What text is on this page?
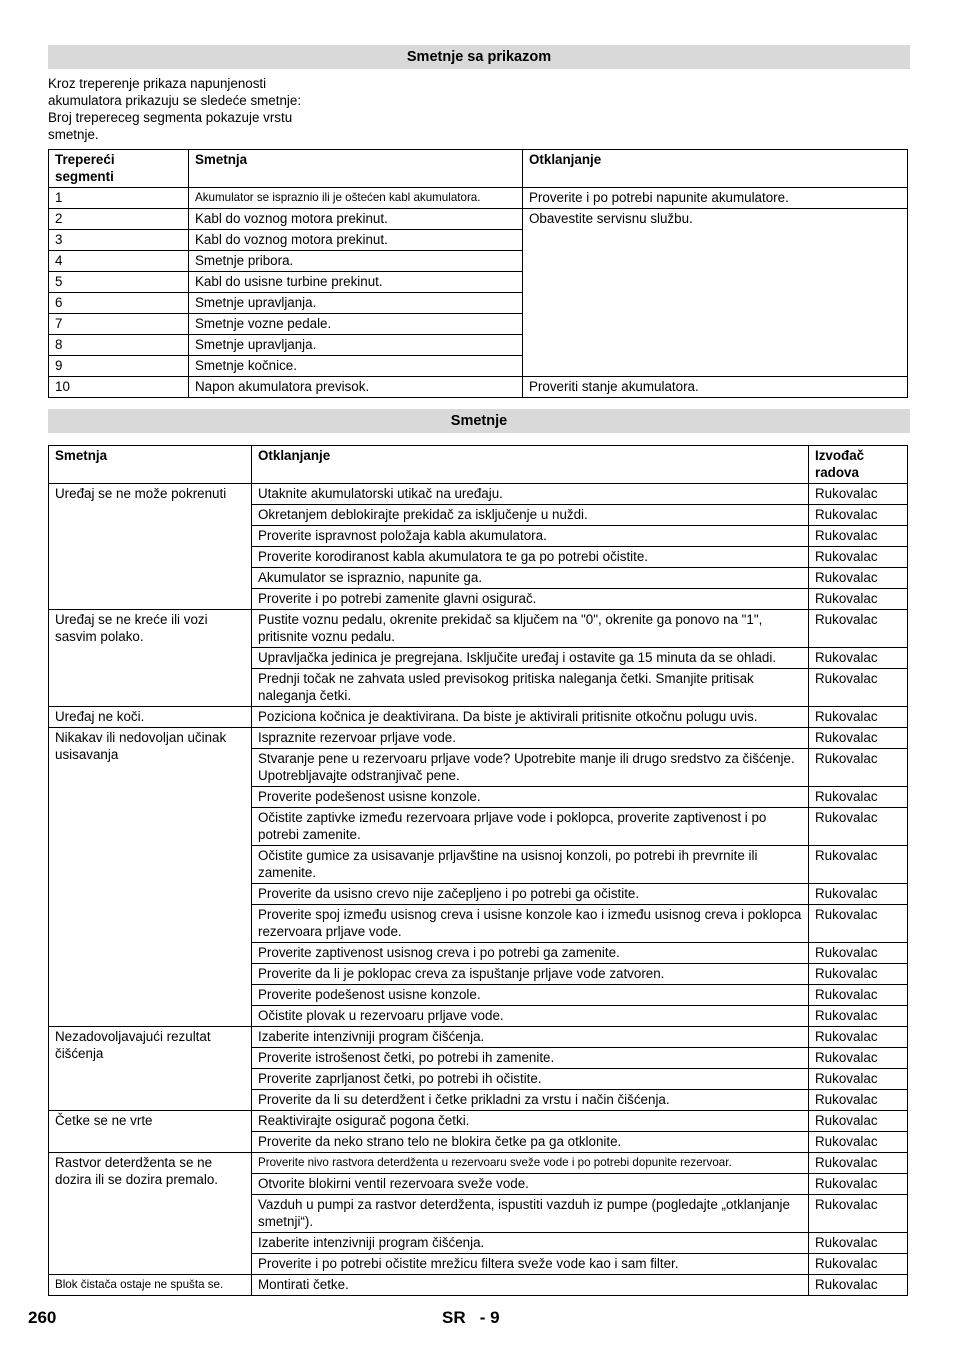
Smetnje sa prikazom
Kroz treperenje prikaza napunjenosti
akumulatora prikazuju se sledeće smetnje:
Broj trepereceg segmenta pokazuje vrstu
smetnje.
Trepereći
segmenti	Smetnja	Otklanjanje
1	Akumulator se ispraznio ili je oštećen kabl akumulatora.	Proverite i po potrebi napunite akumulatore.
2	Kabl do voznog motora prekinut.	Obavestite servisnu službu.
3	Kabl do voznog motora prekinut.	
4	Smetnje pribora.	
5	Kabl do usisne turbine prekinut.	
6	Smetnje upravljanja.	
7	Smetnje vozne pedale.	
8	Smetnje upravljanja.	
9	Smetnje kočnice.	
10	Napon akumulatora previsok.	Proveriti stanje akumulatora.
Smetnje
Smetnja	Otklanjanje	Izvođač
radova
Uređaj se ne može pokrenuti	Utaknite akumulatorski utikač na uređaju.	Rukovalac
	Okretanjem deblokirajte prekidač za isključenje u nuždi.	Rukovalac
	Proverite ispravnost položaja kabla akumulatora.	Rukovalac
	Proverite korodiranost kabla akumulatora te ga po potrebi očistite.	Rukovalac
	Akumulator se ispraznio, napunite ga.	Rukovalac
	Proverite i po potrebi zamenite glavni osigurač.	Rukovalac
Uređaj se ne kreće ili vozi sasvim polako.	Pustite voznu pedalu, okrenite prekidač sa ključem na "0", okrenite ga ponovo na "1", pritisnite voznu pedalu.	Rukovalac
	Upravljačka jedinica je pregrejana. Isključite uređaj i ostavite ga 15 minuta da se ohladi.	Rukovalac
	Prednji točak ne zahvata usled previsokog pritiska naleganja četki. Smanjite pritisak naleganja četki.	Rukovalac
Uređaj ne koči.	Poziciona kočnica je deaktivirana. Da biste je aktivirali pritisnite otkočnu polugu uvis.	Rukovalac
Nikakav ili nedovoljan učinak usisavanja	Ispraznite rezervoar prljave vode.	Rukovalac
	Stvaranje pene u rezervoaru prljave vode? Upotrebite manje ili drugo sredstvo za čišćenje. Upotrebljavajte odstranjivač pene.	Rukovalac
	Proverite podešenost usisne konzole.	Rukovalac
	Očistite zaptivke između rezervoara prljave vode i poklopca, proverite zaptivenost i po potrebi zamenite.	Rukovalac
	Očistite gumice za usisavanje prljavštine na usisnoj konzoli, po potrebi ih prevrnite ili zamenite.	Rukovalac
	Proverite da usisno crevo nije začepljeno i po potrebi ga očistite.	Rukovalac
	Proverite spoj između usisnog creva i usisne konzole kao i između usisnog creva i poklopca rezervoara prljave vode.	Rukovalac
	Proverite zaptivenost usisnog creva i po potrebi ga zamenite.	Rukovalac
	Proverite da li je poklopac creva za ispuštanje prljave vode zatvoren.	Rukovalac
	Proverite podešenost usisne konzole.	Rukovalac
	Očistite plovak u rezervoaru prljave vode.	Rukovalac
Nezadovoljavajući rezultat čišćenja	Izaberite intenzivniji program čišćenja.	Rukovalac
	Proverite istrošenost četki, po potrebi ih zamenite.	Rukovalac
	Proverite zaprljanost četki, po potrebi ih očistite.	Rukovalac
	Proverite da li su deterdžent i četke prikladni za vrstu i način čišćenja.	Rukovalac
Četke se ne vrte	Reaktivirajte osigurač pogona četki.	Rukovalac
	Proverite da neko strano telo ne blokira četke pa ga otklonite.	Rukovalac
Rastvor deterdženta se ne dozira ili se dozira premalo.	Proverite nivo rastvora deterdženta u rezervoaru sveže vode i po potrebi dopunite rezervoar.	Rukovalac
	Otvorite blokirni ventil rezervoara sveže vode.	Rukovalac
	Vazduh u pumpi za rastvor deterdženta, ispustiti vazduh iz pumpe (pogledajte „otklanjanje smetnji“).	Rukovalac
	Izaberite intenzivniji program čišćenja.	Rukovalac
	Proverite i po potrebi očistite mrežicu filtera sveže vode kao i sam filter.	Rukovalac
Blok čistača ostaje ne spušta se.	Montirati četke.	Rukovalac
260	SR   - 9
